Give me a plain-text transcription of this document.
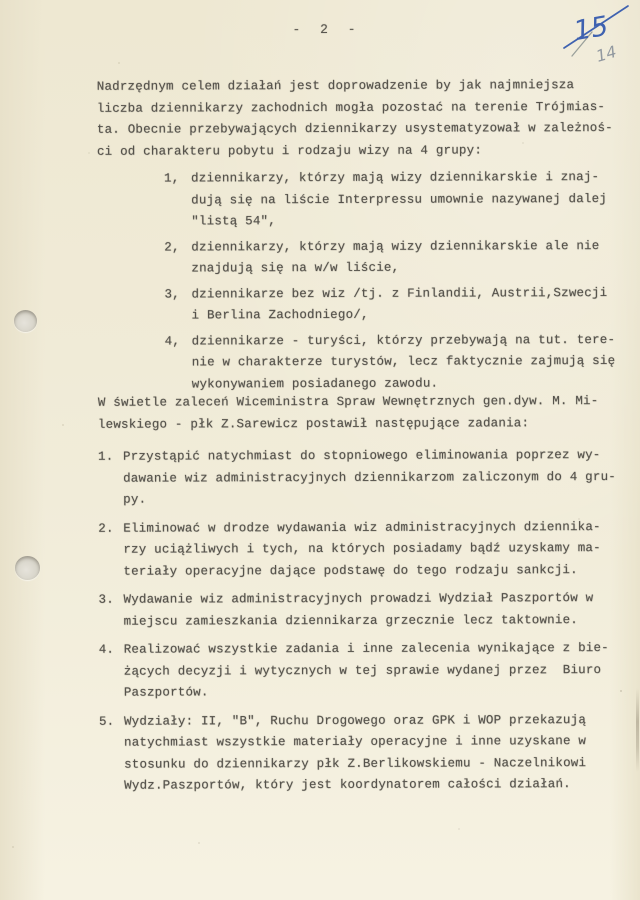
15
14
- 2 -
Nadrzędnym celem działań jest doprowadzenie by jak najmniejsza
liczba dziennikarzy zachodnich mogła pozostać na terenie Trójmias-
ta. Obecnie przebywających dziennikarzy usystematyzował w zależnoś-
ci od charakteru pobytu i rodzaju wizy na 4 grupy:
1, dziennikarzy, którzy mają wizy dziennikarskie i znaj-
dują się na liście Interpressu umownie nazywanej dalej
"listą 54",
2, dziennikarzy, którzy mają wizy dziennikarskie ale nie
znajdują się na w/w liście,
3, dziennikarze bez wiz /tj. z Finlandii, Austrii,Szwecji
i Berlina Zachodniego/,
4, dziennikarze - turyści, którzy przebywają na tut. tere-
nie w charakterze turystów, lecz faktycznie zajmują się
wykonywaniem posiadanego zawodu.
W świetle zaleceń Wiceministra Spraw Wewnętrznych gen.dyw. M. Mi-
lewskiego - płk Z.Sarewicz postawił następujące zadania:
1. Przystąpić natychmiast do stopniowego eliminowania poprzez wy-
dawanie wiz administracyjnych dziennikarzom zaliczonym do 4 gru-
py.
2. Eliminować w drodze wydawania wiz administracyjnych dziennika-
rzy uciążliwych i tych, na których posiadamy bądź uzyskamy ma-
teriały operacyjne dające podstawę do tego rodzaju sankcji.
3. Wydawanie wiz administracyjnych prowadzi Wydział Paszportów w
miejscu zamieszkania dziennikarza grzecznie lecz taktownie.
4. Realizować wszystkie zadania i inne zalecenia wynikające z bie-
żących decyzji i wytycznych w tej sprawie wydanej przez  Biuro
Paszportów.
5. Wydziały: II, "B", Ruchu Drogowego oraz GPK i WOP przekazują
natychmiast wszystkie materiały operacyjne i inne uzyskane w
stosunku do dziennikarzy płk Z.Berlikowskiemu - Naczelnikowi
Wydz.Paszportów, który jest koordynatorem całości działań.
